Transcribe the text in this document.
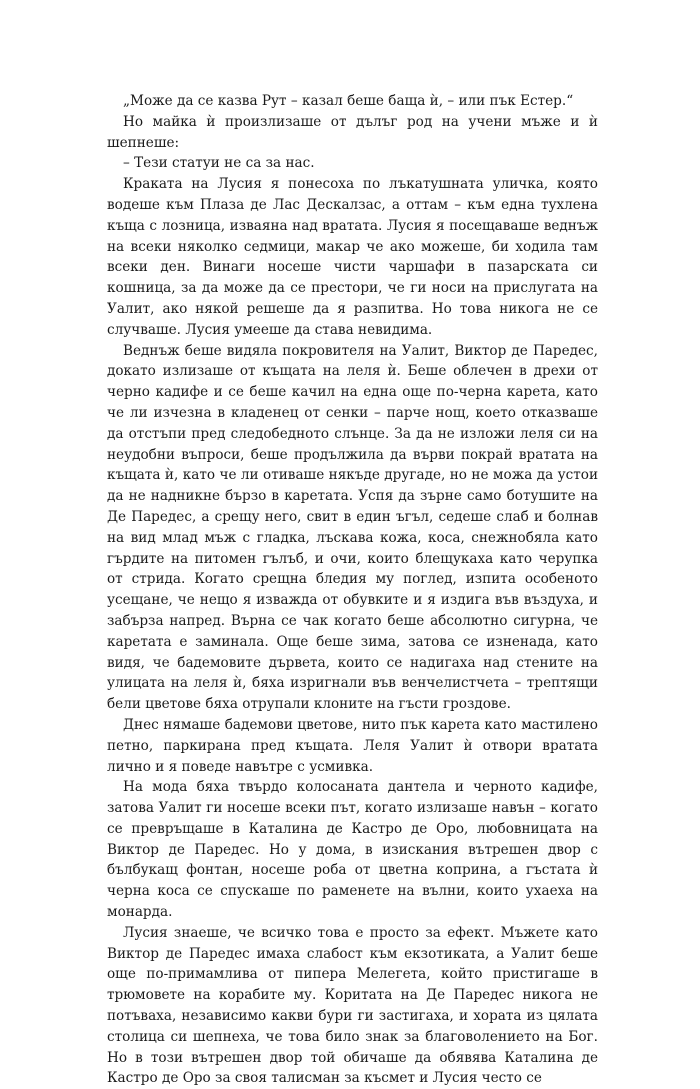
„Може да се казва Рут – казал беше баща ѝ, – или пък Естер.“

Но майка ѝ произлизаше от дълъг род на учени мъже и ѝ шепнеше:

– Тези статуи не са за нас.

Краката на Лусия я понесоха по лъкатушната уличка, която водеше към Плаза де Лас Дескалзас, а оттам – към една тухлена къща с лозница, изваяна над вратата. Лусия я посещаваше веднъж на всеки няколко седмици, макар че ако можеше, би ходила там всеки ден. Винаги носеше чисти чаршафи в пазарската си кошница, за да може да се престори, че ги носи на прислугата на Уалит, ако някой решеше да я разпитва. Но това никога не се случваше. Лусия умееше да става невидима.

Веднъж беше видяла покровителя на Уалит, Виктор де Паредес, докато излизаше от къщата на леля ѝ. Беше облечен в дрехи от черно кадифе и се беше качил на една още по-черна карета, като че ли изчезна в кладенец от сенки – парче нощ, което отказваше да отстъпи пред следобедното слънце. За да не изложи леля си на неудобни въпроси, беше продължила да върви покрай вратата на къщата ѝ, като че ли отиваше някъде другаде, но не можа да устои да не надникне бързо в каретата. Успя да зърне само ботушите на Де Паредес, а срещу него, свит в един ъгъл, седеше слаб и болнав на вид млад мъж с гладка, лъскава кожа, коса, снежнобяла като гърдите на питомен гълъб, и очи, които блещукаха като черупка от стрида. Когато срещна бледия му поглед, изпита особеното усещане, че нещо я изважда от обувките и я издига във въздуха, и забърза напред. Върна се чак когато беше абсолютно сигурна, че каретата е заминала. Още беше зима, затова се изненада, като видя, че бадемовите дървета, които се надигаха над стените на улицата на леля ѝ, бяха изригнали във венчелистчета – трептящи бели цветове бяха отрупали клоните на гъсти гроздове.

Днес нямаше бадемови цветове, нито пък карета като мастилено петно, паркирана пред къщата. Леля Уалит ѝ отвори вратата лично и я поведе навътре с усмивка.

На мода бяха твърдо колосаната дантела и черното кадифе, затова Уалит ги носеше всеки път, когато излизаше навън – когато се превръщаше в Каталина де Кастро де Оро, любовницата на Виктор де Паредес. Но у дома, в изискания вътрешен двор с бълбукащ фонтан, носеше роба от цветна коприна, а гъстата ѝ черна коса се спускаше по раменете на вълни, които ухаеха на монарда.

Лусия знаеше, че всичко това е просто за ефект. Мъжете като Виктор де Паредес имаха слабост към екзотиката, а Уалит беше още по-примамлива от пипера Мелегета, който пристигаше в трюмовете на корабите му. Коритата на Де Паредес никога не потъваха, независимо какви бури ги застигаха, и хората из цялата столица си шепнеха, че това било знак за благоволението на Бог. Но в този вътрешен двор той обичаше да обявява Каталина де Кастро де Оро за своя талисман за късмет и Лусия често се
